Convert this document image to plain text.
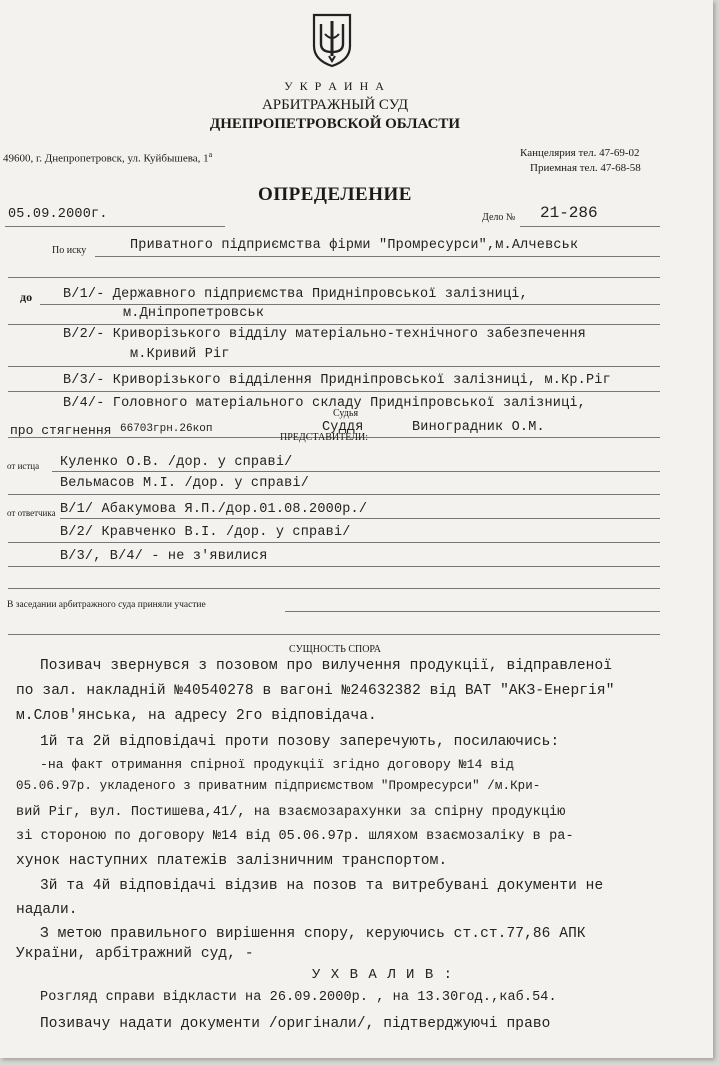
У К Р А И Н А
АРБИТРАЖНЫЙ СУД
ДНЕПРОПЕТРОВСКОЙ ОБЛАСТИ
49600, г. Днепропетровск, ул. Куйбышева, $1^а$	Канцелярия тел. 47-69-02
Приемная тел. 47-68-58
ОПРЕДЕЛЕНИЕ
05.09.2000г.	Дело № 21-286
По иску	Приватного підприємства фірми "Промресурси",м.Алчевськ
до В/1/- Державного підприємства Придніпровської залізниці,
м.Дніпропетровськ
В/2/- Криворізького відділу матеріально-технічного забезпечення
м.Кривий Ріг
В/3/- Криворізького відділення Придніпровської залізниці, м.Кр.Ріг
В/4/- Головного матеріального складу Придніпровської залізниці,
про стягнення 66703грн.26коп
Судья
Суддя	Виноградник О.М.
ПРЕДСТАВИТЕЛИ:
от истца Куленко О.В. /дор. у справі/
Вельмасов М.І. /дор. у справі/
от ответчика В/1/ Абакумова Я.П./дор.01.08.2000р./
В/2/ Кравченко В.І. /дор. у справі/
В/3/, В/4/ - не з'явилися
В заседании арбитражного суда приняли участие
СУЩНОСТЬ СПОРА
Позивач звернувся з позовом про вилучення продукції, відправленої
по зал. накладній №40540278 в вагоні №24632382 від ВАТ "АКЗ-Енергія"
м.Слов'янська, на адресу 2го відповідача.
1й та 2й відповідачі проти позову заперечують, посилаючись:
-на факт отримання спірної продукції згідно договору №14 від
05.06.97р. укладеного з приватним підприємством "Промресурси" /м.Кри-
вий Ріг, вул. Постишева,41/, на взаємозарахунки за спірну продукцію
зі стороною по договору №14 від 05.06.97р. шляхом взаємозаліку в ра-
хунок наступних платежів залізничним транспортом.
3й та 4й відповідачі відзив на позов та витребувані документи не
надали.
З метою правильного вирішення спору, керуючись ст.ст.77,86 АПК
України, арбітражний суд, -
У Х В А Л И В :
Розгляд справи відкласти на 26.09.2000р. , на 13.30год.,каб.54.
Позивачу надати документи /оригінали/, підтверджуючі право
